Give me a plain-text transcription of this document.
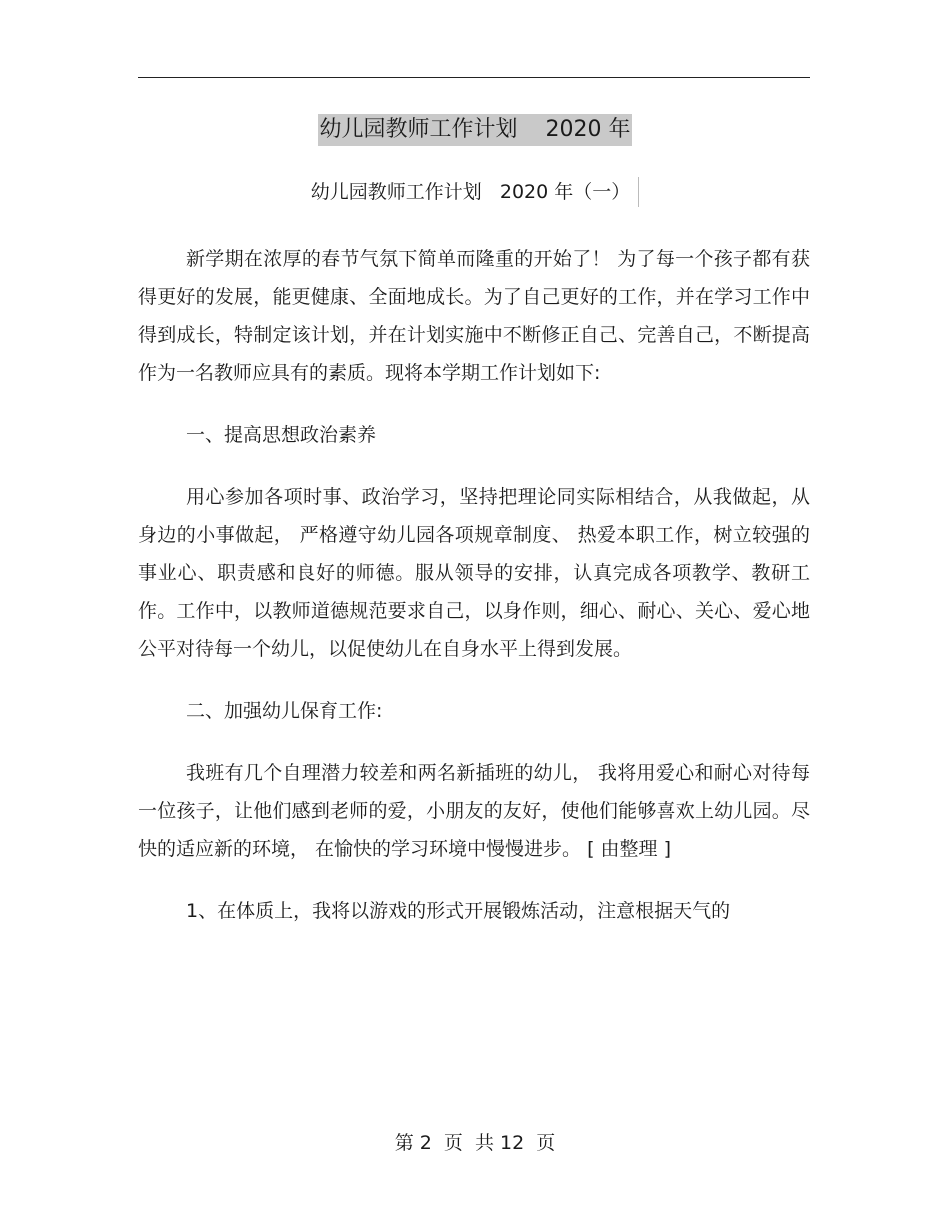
幼儿园教师工作计划    2020 年
幼儿园教师工作计划   2020 年（一）

新学期在浓厚的春节气氛下简单而隆重的开始了！ 为了每一个孩子都有获得更好的发展，能更健康、全面地成长。为了自己更好的工作，并在学习工作中得到成长，特制定该计划，并在计划实施中不断修正自己、完善自己，不断提高作为一名教师应具有的素质。现将本学期工作计划如下:

一、提高思想政治素养

用心参加各项时事、政治学习，坚持把理论同实际相结合，从我做起，从身边的小事做起， 严格遵守幼儿园各项规章制度、 热爱本职工作，树立较强的事业心、职责感和良好的师德。服从领导的安排，认真完成各项教学、教研工作。工作中，以教师道德规范要求自己，以身作则，细心、耐心、关心、爱心地公平对待每一个幼儿，以促使幼儿在自身水平上得到发展。

二、加强幼儿保育工作:

我班有几个自理潜力较差和两名新插班的幼儿， 我将用爱心和耐心对待每一位孩子，让他们感到老师的爱，小朋友的友好，使他们能够喜欢上幼儿园。尽快的适应新的环境， 在愉快的学习环境中慢慢进步。 [ 由整理 ]

1、在体质上，我将以游戏的形式开展锻炼活动，注意根据天气的

第 2  页  共 12  页
